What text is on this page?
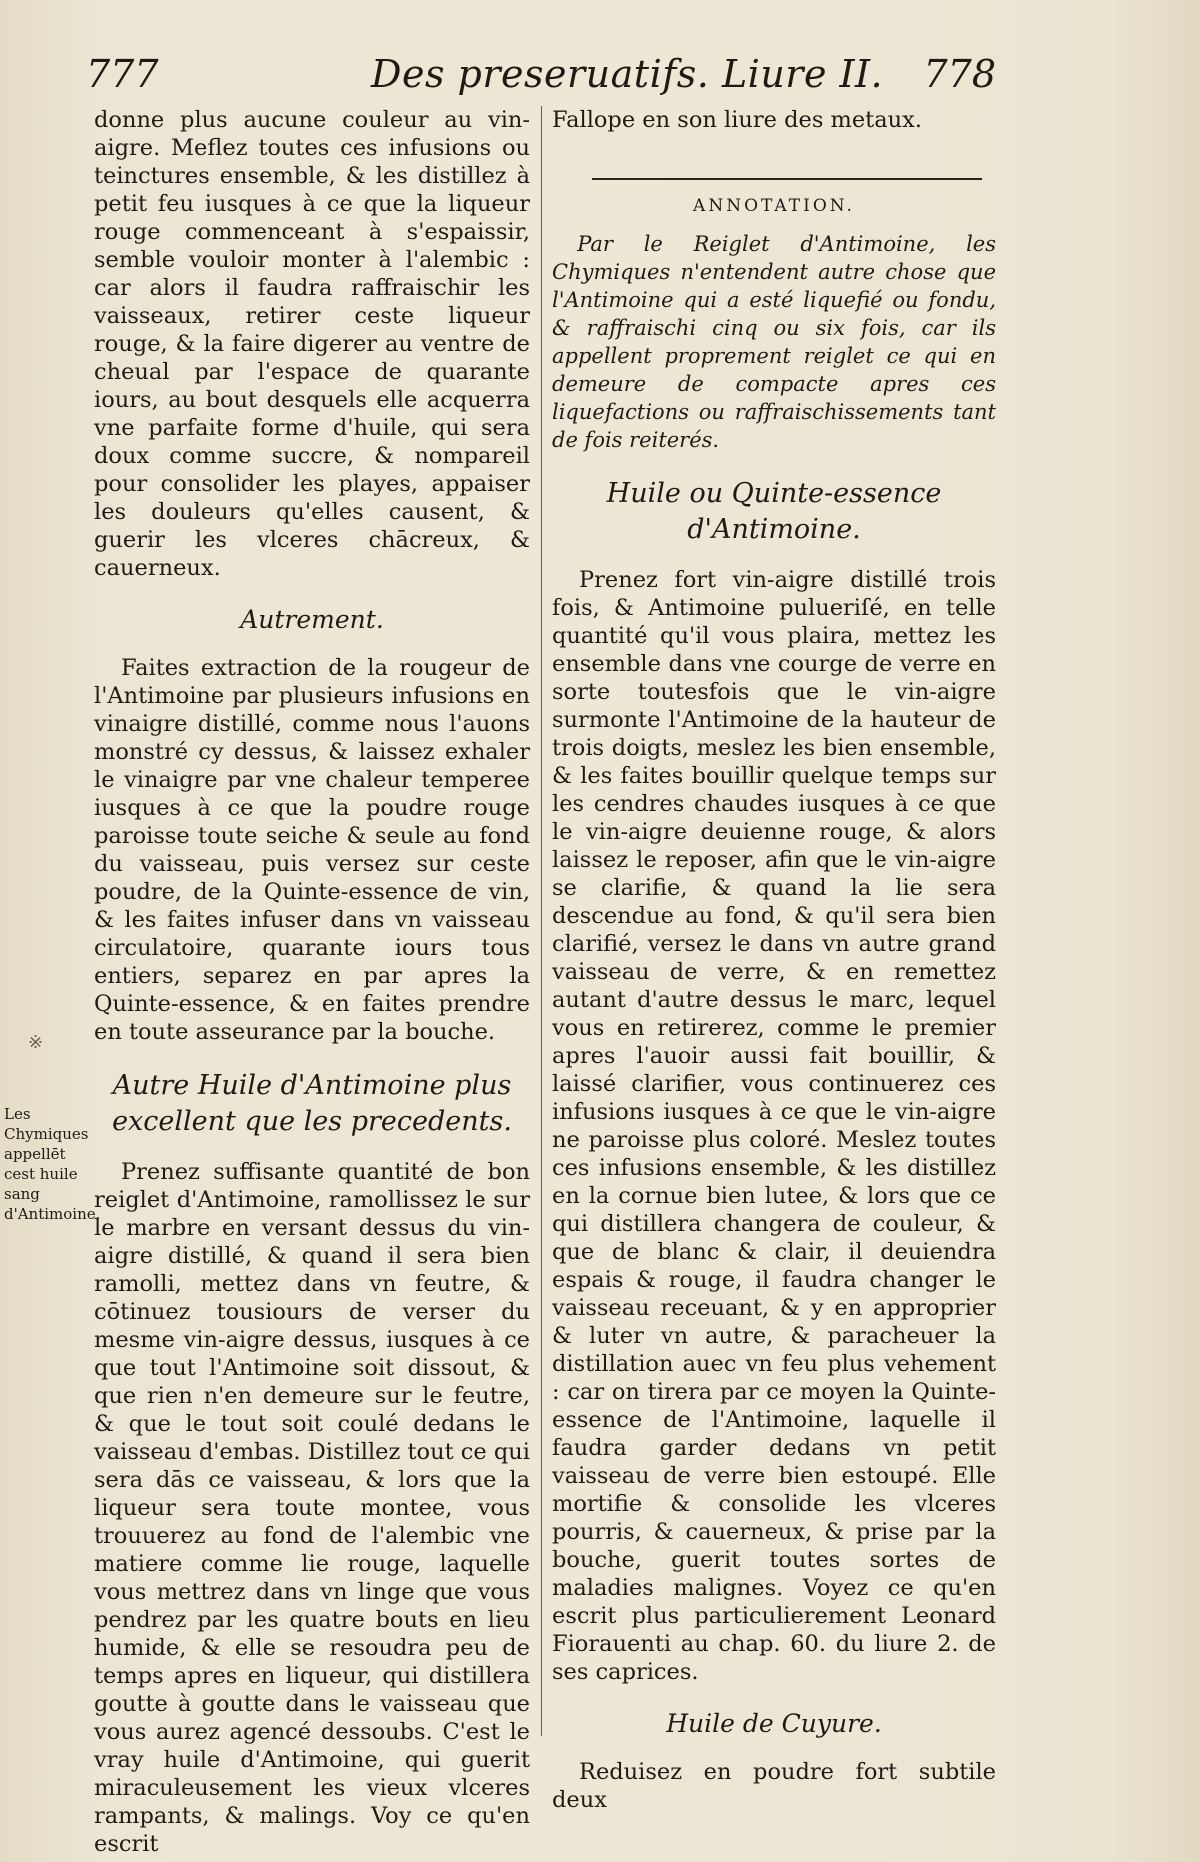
777	Des preseruatifs. Liure II. 778

donne plus aucune couleur au vin-aigre. Meflez toutes ces infusions ou teinctures ensemble, & les distillez à petit feu iusques à ce que la liqueur rouge commenceant à s'espaissir, semble vouloir monter à l'alembic : car alors il faudra raffraischir les vaisseaux, retirer ceste liqueur rouge, & la faire digerer au ventre de cheual par l'espace de quarante iours, au bout desquels elle acquerra vne parfaite forme d'huile, qui sera doux comme succre, & nompareil pour consolider les playes, appaiser les douleurs qu'elles causent, & guerir les vlceres chācreux, & cauerneux.

Autrement.

Faites extraction de la rougeur de l'Antimoine par plusieurs infusions en vinaigre distillé, comme nous l'auons monstré cy dessus, & laissez exhaler le vinaigre par vne chaleur temperee iusques à ce que la poudre rouge paroisse toute seiche & seule au fond du vaisseau, puis versez sur ceste poudre, de la Quinte-essence de vin, & les faites infuser dans vn vaisseau circulatoire, quarante iours tous entiers, separez en par apres la Quinte-essence, & en faites prendre en toute asseurance par la bouche.

Autre Huile d'Antimoine plus excellent que les precedents.

Prenez suffisante quantité de bon reiglet d'Antimoine, ramollissez le sur le marbre en versant dessus du vin-aigre distillé, & quand il sera bien ramolli, mettez dans vn feutre, & cōtinuez tousiours de verser du mesme vin-aigre dessus, iusques à ce que tout l'Antimoine soit dissout, & que rien n'en demeure sur le feutre, & que le tout soit coulé dedans le vaisseau d'embas. Distillez tout ce qui sera dās ce vaisseau, & lors que la liqueur sera toute montee, vous trouuerez au fond de l'alembic vne matiere comme lie rouge, laquelle vous mettrez dans vn linge que vous pendrez par les quatre bouts en lieu humide, & elle se resoudra peu de temps apres en liqueur, qui distillera goutte à goutte dans le vaisseau que vous aurez agencé dessoubs. C'est le vray huile d'Antimoine, qui guerit miraculeusement les vieux vlceres rampants, & malings. Voy ce qu'en escrit

※
Les Chymiques appellēt cest huile sang d'Antimoine.

Fallope en son liure des metaux.

ANNOTATION.

Par le Reiglet d'Antimoine, les Chymiques n'entendent autre chose que l'Antimoine qui a esté liquefié ou fondu, & raffraischi cinq ou six fois, car ils appellent proprement reiglet ce qui en demeure de compacte apres ces liquefactions ou raffraischissements tant de fois reiterés.

Huile ou Quinte-essence d'Antimoine.

Prenez fort vin-aigre distillé trois fois, & Antimoine pulueriſé, en telle quantité qu'il vous plaira, mettez les ensemble dans vne courge de verre en sorte toutesfois que le vin-aigre surmonte l'Antimoine de la hauteur de trois doigts, meslez les bien ensemble, & les faites bouillir quelque temps sur les cendres chaudes iusques à ce que le vin-aigre deuienne rouge, & alors laissez le reposer, afin que le vin-aigre se clarifie, & quand la lie sera descendue au fond, & qu'il sera bien clarifié, versez le dans vn autre grand vaisseau de verre, & en remettez autant d'autre dessus le marc, lequel vous en retirerez, comme le premier apres l'auoir aussi fait bouillir, & laissé clarifier, vous continuerez ces infusions iusques à ce que le vin-aigre ne paroisse plus coloré. Meslez toutes ces infusions ensemble, & les distillez en la cornue bien lutee, & lors que ce qui distillera changera de couleur, & que de blanc & clair, il deuiendra espais & rouge, il faudra changer le vaisseau receuant, & y en approprier & luter vn autre, & paracheuer la distillation auec vn feu plus vehement : car on tirera par ce moyen la Quinte-essence de l'Antimoine, laquelle il faudra garder dedans vn petit vaisseau de verre bien estoupé. Elle mortifie & consolide les vlceres pourris, & cauerneux, & prise par la bouche, guerit toutes sortes de maladies malignes. Voyez ce qu'en escrit plus particulierement Leonard Fiorauenti au chap. 60. du liure 2. de ses caprices.

Huile de Cuyure.

Reduisez en poudre fort subtile deux
